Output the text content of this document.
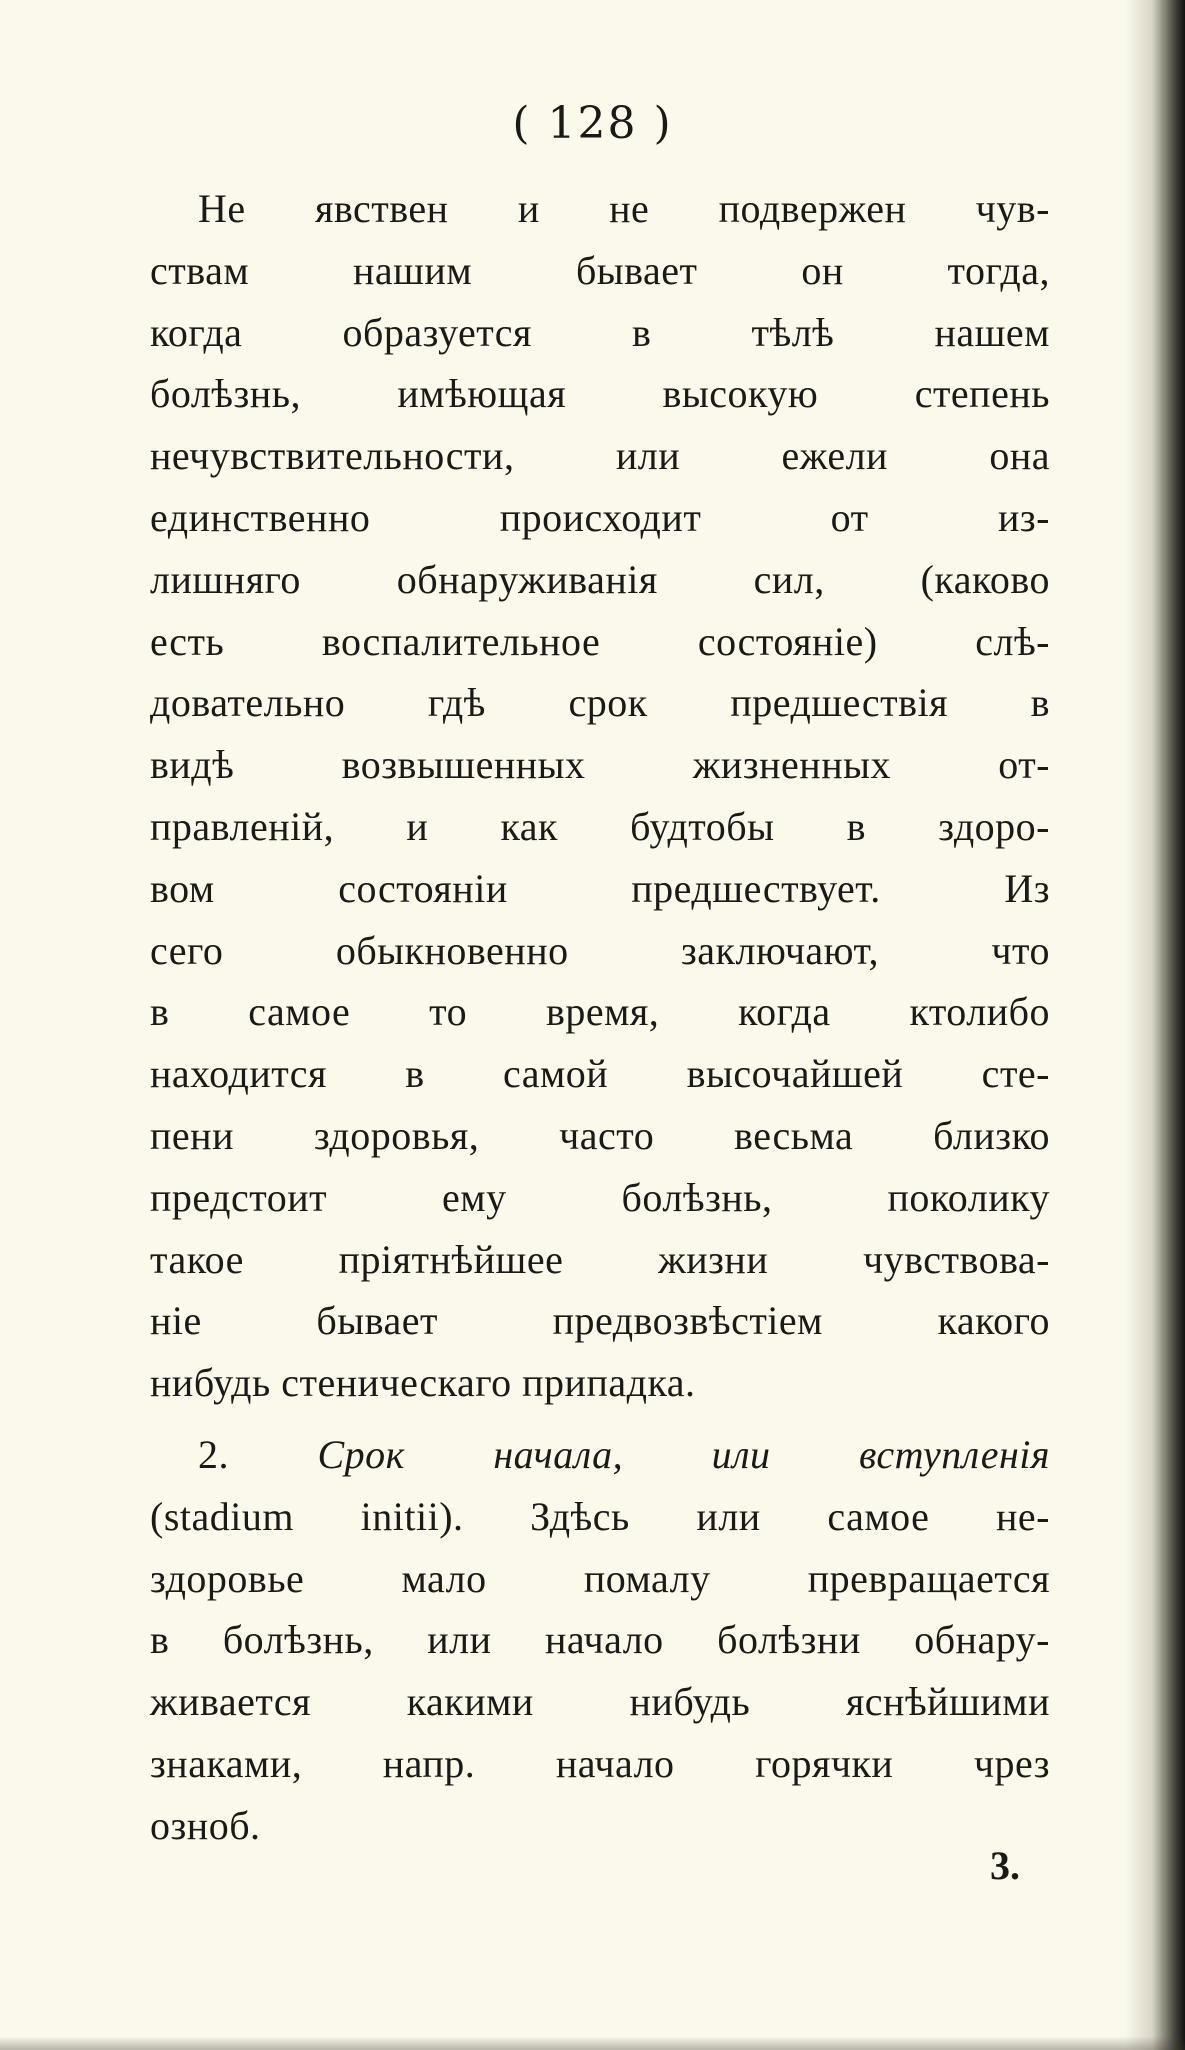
( 128 )
Не явствен и не подвержен чув-
ствам нашим бывает он тогда,
когда образуется в тѣлѣ нашем
болѣзнь, имѣющая высокую степень
нечувствительности, или ежели она
единственно происходит от из-
лишняго обнаруживанія сил, (каково
есть воспалительное состояніе) слѣ-
довательно гдѣ срок предшествія в
видѣ возвышенных жизненных от-
правленій, и как будтобы в здоро-
вом состояніи предшествует. Из
сего обыкновенно заключают, что
в самое то время, когда ктолибо
находится в самой высочайшей сте-
пени здоровья, часто весьма близко
предстоит ему болѣзнь, поколику
такое пріятнѣйшее жизни чувствова-
ніе бывает предвозвѣстіем какого
нибудь стеническаго припадка.
2. Срок начала, или вступленія
(stadium initii). Здѣсь или самое не-
здоровье мало помалу превращается
в болѣзнь, или начало болѣзни обнару-
живается какими нибудь яснѣйшими
знаками, напр. начало горячки чрез
озноб.
3.
